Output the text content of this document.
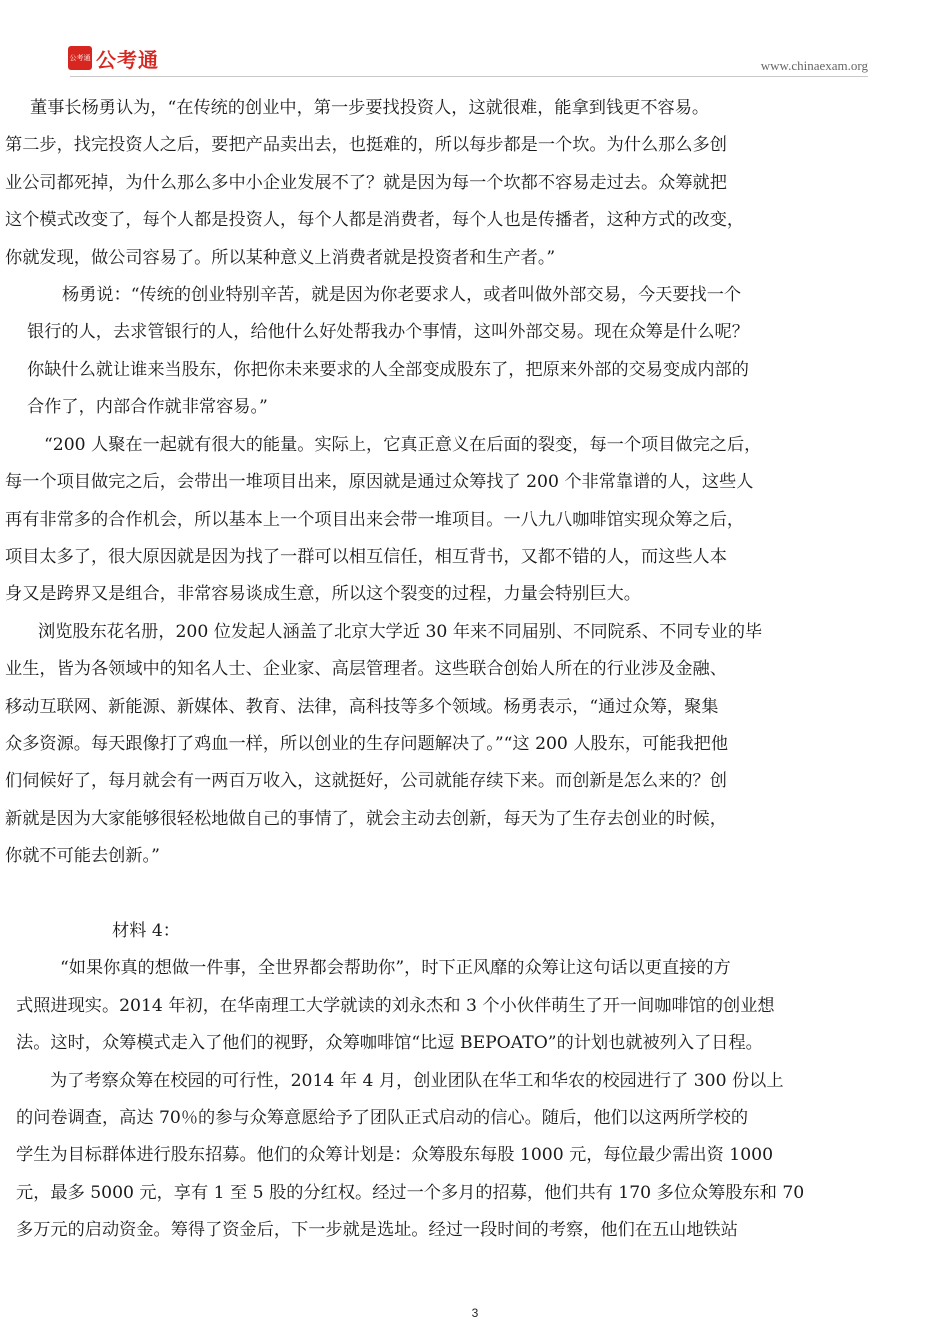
公考通 公考通	www.chinaexam.org
董事长杨勇认为，“在传统的创业中，第一步要找投资人，这就很难，能拿到钱更不容易。
第二步，找完投资人之后，要把产品卖出去，也挺难的，所以每步都是一个坎。为什么那么多创
业公司都死掉，为什么那么多中小企业发展不了？就是因为每一个坎都不容易走过去。众筹就把
这个模式改变了，每个人都是投资人，每个人都是消费者，每个人也是传播者，这种方式的改变，
你就发现，做公司容易了。所以某种意义上消费者就是投资者和生产者。”
杨勇说：“传统的创业特别辛苦，就是因为你老要求人，或者叫做外部交易，今天要找一个
银行的人，去求管银行的人，给他什么好处帮我办个事情，这叫外部交易。现在众筹是什么呢？
你缺什么就让谁来当股东，你把你未来要求的人全部变成股东了，把原来外部的交易变成内部的
合作了，内部合作就非常容易。”
“200 人聚在一起就有很大的能量。实际上，它真正意义在后面的裂变，每一个项目做完之后，
每一个项目做完之后，会带出一堆项目出来，原因就是通过众筹找了 200 个非常靠谱的人，这些人
再有非常多的合作机会，所以基本上一个项目出来会带一堆项目。一八九八咖啡馆实现众筹之后，
项目太多了，很大原因就是因为找了一群可以相互信任，相互背书，又都不错的人，而这些人本
身又是跨界又是组合，非常容易谈成生意，所以这个裂变的过程，力量会特别巨大。
浏览股东花名册，200 位发起人涵盖了北京大学近 30 年来不同届别、不同院系、不同专业的毕
业生，皆为各领域中的知名人士、企业家、高层管理者。这些联合创始人所在的行业涉及金融、
移动互联网、新能源、新媒体、教育、法律，高科技等多个领域。杨勇表示，“通过众筹，聚集
众多资源。每天跟像打了鸡血一样，所以创业的生存问题解决了。”“这 200 人股东，可能我把他
们伺候好了，每月就会有一两百万收入，这就挺好，公司就能存续下来。而创新是怎么来的？创
新就是因为大家能够很轻松地做自己的事情了，就会主动去创新，每天为了生存去创业的时候，
你就不可能去创新。”
材料 4：
“如果你真的想做一件事，全世界都会帮助你”，时下正风靡的众筹让这句话以更直接的方
式照进现实。2014 年初，在华南理工大学就读的刘永杰和 3 个小伙伴萌生了开一间咖啡馆的创业想
法。这时，众筹模式走入了他们的视野，众筹咖啡馆“比逗 BEPOATO”的计划也就被列入了日程。
为了考察众筹在校园的可行性，2014 年 4 月，创业团队在华工和华农的校园进行了 300 份以上
的问卷调查，高达 70％的参与众筹意愿给予了团队正式启动的信心。随后，他们以这两所学校的
学生为目标群体进行股东招募。他们的众筹计划是：众筹股东每股 1000 元，每位最少需出资 1000
元，最多 5000 元，享有 1 至 5 股的分红权。经过一个多月的招募，他们共有 170 多位众筹股东和 70
多万元的启动资金。筹得了资金后，下一步就是选址。经过一段时间的考察，他们在五山地铁站
3
